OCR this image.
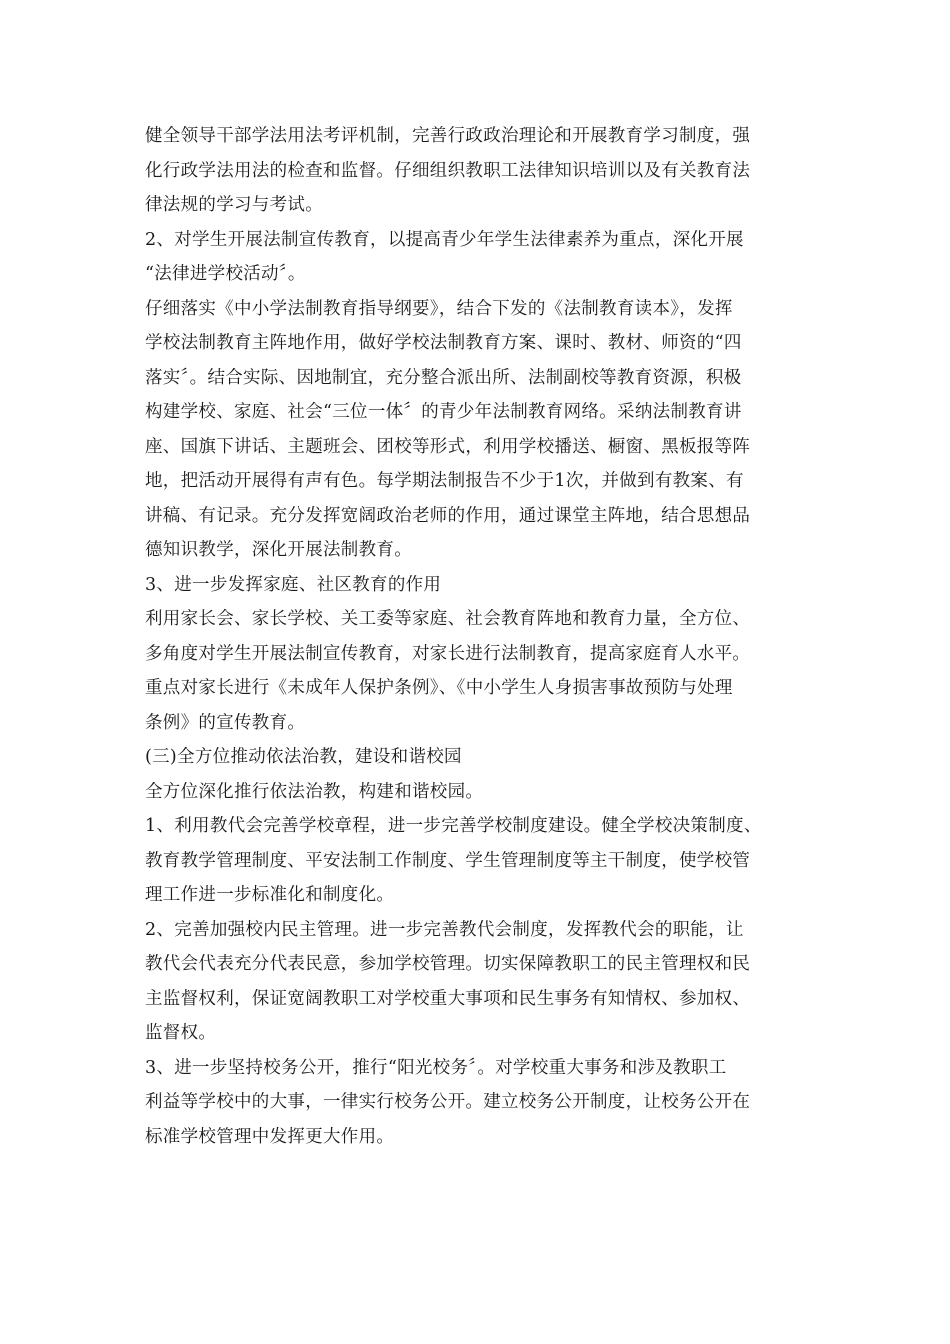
健全领导干部学法用法考评机制，完善行政政治理论和开展教育学习制度，强
化行政学法用法的检查和监督。仔细组织教职工法律知识培训以及有关教育法
律法规的学习与考试。
2、对学生开展法制宣传教育，以提高青少年学生法律素养为重点，深化开展
“法律进学校活动〞。
仔细落实《中小学法制教育指导纲要》，结合下发的《法制教育读本》，发挥
学校法制教育主阵地作用，做好学校法制教育方案、课时、教材、师资的“四
落实〞。结合实际、因地制宜，充分整合派出所、法制副校等教育资源，积极
构建学校、家庭、社会“三位一体〞的青少年法制教育网络。采纳法制教育讲
座、国旗下讲话、主题班会、团校等形式，利用学校播送、橱窗、黑板报等阵
地，把活动开展得有声有色。每学期法制报告不少于1次，并做到有教案、有
讲稿、有记录。充分发挥宽阔政治老师的作用，通过课堂主阵地，结合思想品
德知识教学，深化开展法制教育。
3、进一步发挥家庭、社区教育的作用
利用家长会、家长学校、关工委等家庭、社会教育阵地和教育力量，全方位、
多角度对学生开展法制宣传教育，对家长进行法制教育，提高家庭育人水平。
重点对家长进行《未成年人保护条例》、《中小学生人身损害事故预防与处理
条例》的宣传教育。
(三)全方位推动依法治教，建设和谐校园
全方位深化推行依法治教，构建和谐校园。
1、利用教代会完善学校章程，进一步完善学校制度建设。健全学校决策制度、
教育教学管理制度、平安法制工作制度、学生管理制度等主干制度，使学校管
理工作进一步标准化和制度化。
2、完善加强校内民主管理。进一步完善教代会制度，发挥教代会的职能，让
教代会代表充分代表民意，参加学校管理。切实保障教职工的民主管理权和民
主监督权利，保证宽阔教职工对学校重大事项和民生事务有知情权、参加权、
监督权。
3、进一步坚持校务公开，推行“阳光校务〞。对学校重大事务和涉及教职工
利益等学校中的大事，一律实行校务公开。建立校务公开制度，让校务公开在
标准学校管理中发挥更大作用。
